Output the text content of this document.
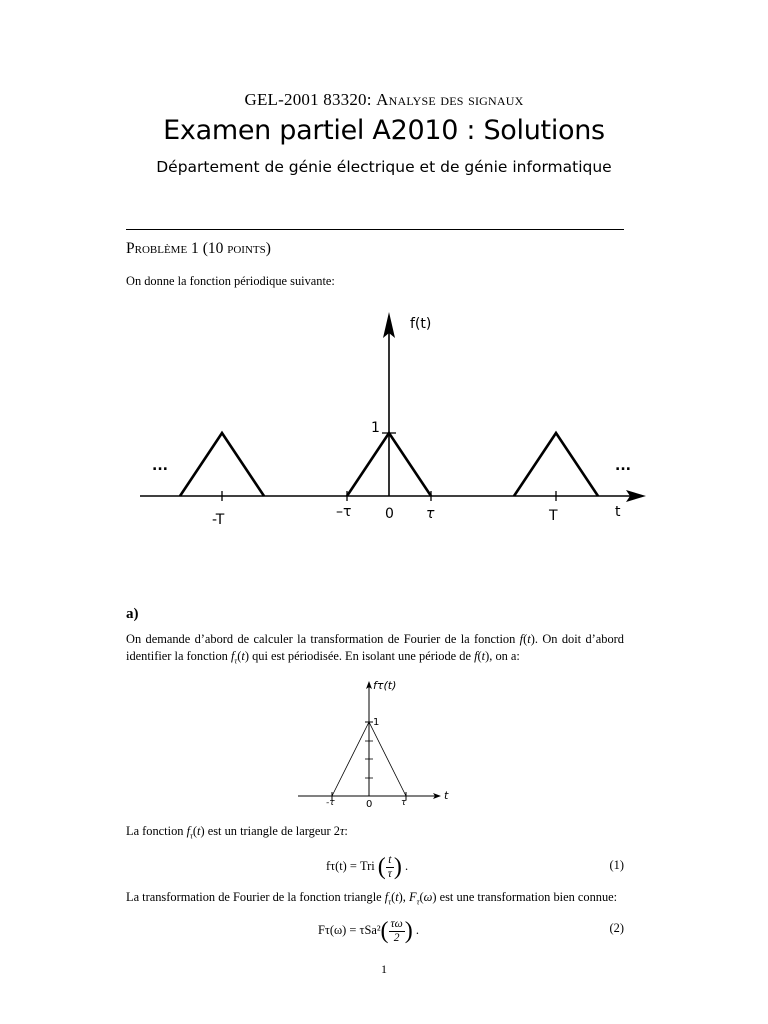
GEL-2001 83320: Analyse des signaux
Examen partiel A2010 : Solutions
Département de génie électrique et de génie informatique
Problème 1 (10 points)
On donne la fonction périodique suivante:
f(t)
t
1
-T	–τ 0 τ	T
...	...
a)
On demande d’abord de calculer la transformation de Fourier de la fonction f(t). On doit d’abord identifier la fonction $f_\tau(t)$ qui est périodisée. En isolant une période de f(t), on a:
fτ(t)
t
1
-τ	0	τ
La fonction $f_\tau(t)$ est un triangle de largeur 2τ:
fτ(t) = Tri ( $\frac{t}{\tau}$ ) .	(1)
La transformation de Fourier de la fonction triangle $f_\tau(t)$, $F_\tau(\omega)$ est une transformation bien connue:
$F\tau(\omega) = \tau Sa^2( \frac{\tau\omega}{2}$ ) .	(2)
1
